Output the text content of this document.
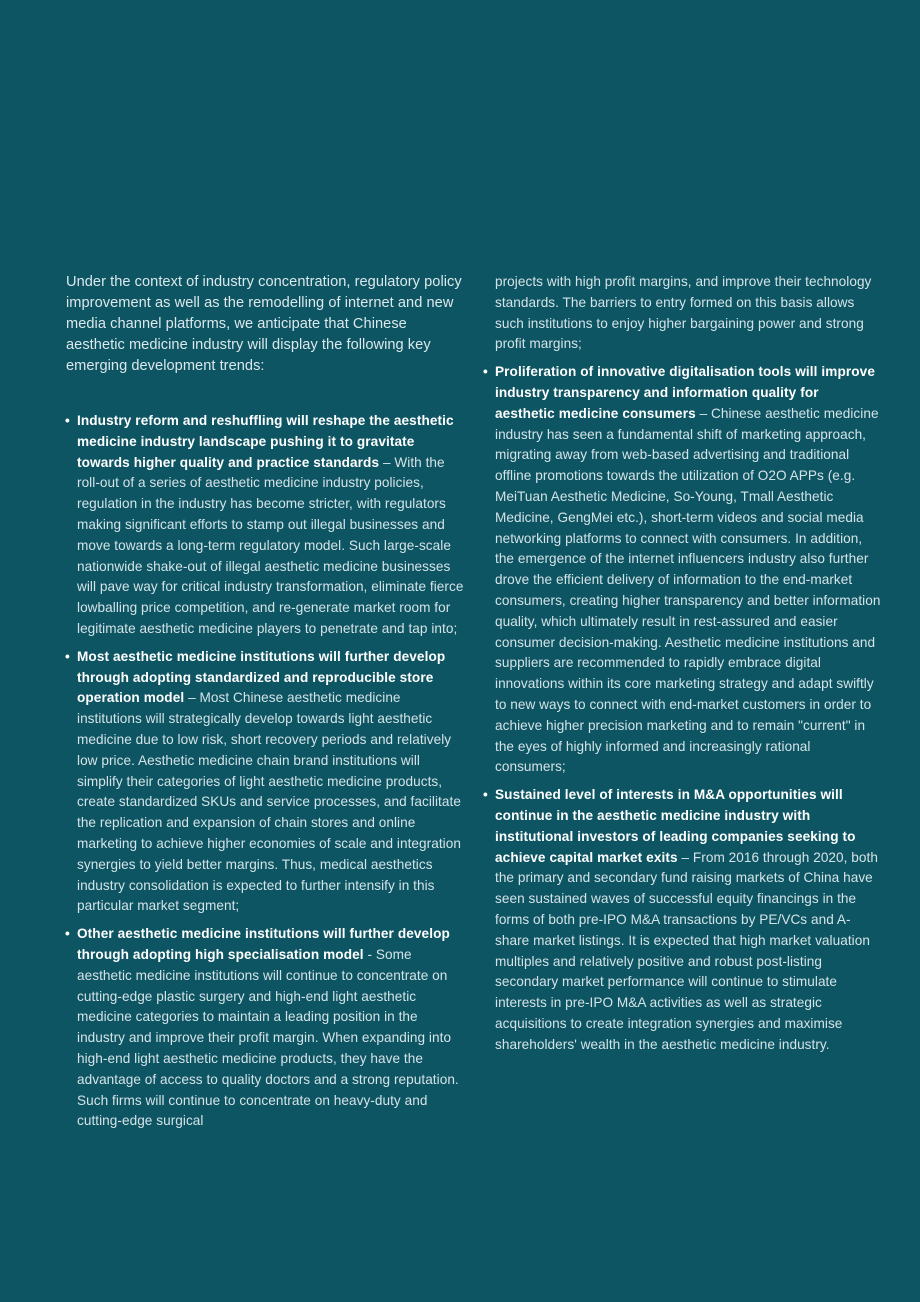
Under the context of industry concentration, regulatory policy improvement as well as the remodelling of internet and new media channel platforms, we anticipate that Chinese aesthetic medicine industry will display the following key emerging development trends:

• Industry reform and reshuffling will reshape the aesthetic medicine industry landscape pushing it to gravitate towards higher quality and practice standards – With the roll-out of a series of aesthetic medicine industry policies, regulation in the industry has become stricter, with regulators making significant efforts to stamp out illegal businesses and move towards a long-term regulatory model. Such large-scale nationwide shake-out of illegal aesthetic medicine businesses will pave way for critical industry transformation, eliminate fierce lowballing price competition, and re-generate market room for legitimate aesthetic medicine players to penetrate and tap into;
• Most aesthetic medicine institutions will further develop through adopting standardized and reproducible store operation model – Most Chinese aesthetic medicine institutions will strategically develop towards light aesthetic medicine due to low risk, short recovery periods and relatively low price. Aesthetic medicine chain brand institutions will simplify their categories of light aesthetic medicine products, create standardized SKUs and service processes, and facilitate the replication and expansion of chain stores and online marketing to achieve higher economies of scale and integration synergies to yield better margins. Thus, medical aesthetics industry consolidation is expected to further intensify in this particular market segment;
• Other aesthetic medicine institutions will further develop through adopting high specialisation model - Some aesthetic medicine institutions will continue to concentrate on cutting-edge plastic surgery and high-end light aesthetic medicine categories to maintain a leading position in the industry and improve their profit margin. When expanding into high-end light aesthetic medicine products, they have the advantage of access to quality doctors and a strong reputation. Such firms will continue to concentrate on heavy-duty and cutting-edge surgical

projects with high profit margins, and improve their technology standards. The barriers to entry formed on this basis allows such institutions to enjoy higher bargaining power and strong profit margins;

• Proliferation of innovative digitalisation tools will improve industry transparency and information quality for aesthetic medicine consumers – Chinese aesthetic medicine industry has seen a fundamental shift of marketing approach, migrating away from web-based advertising and traditional offline promotions towards the utilization of O2O APPs (e.g. MeiTuan Aesthetic Medicine, So-Young, Tmall Aesthetic Medicine, GengMei etc.), short-term videos and social media networking platforms to connect with consumers. In addition, the emergence of the internet influencers industry also further drove the efficient delivery of information to the end-market consumers, creating higher transparency and better information quality, which ultimately result in rest-assured and easier consumer decision-making. Aesthetic medicine institutions and suppliers are recommended to rapidly embrace digital innovations within its core marketing strategy and adapt swiftly to new ways to connect with end-market customers in order to achieve higher precision marketing and to remain "current" in the eyes of highly informed and increasingly rational consumers;
• Sustained level of interests in M&A opportunities will continue in the aesthetic medicine industry with institutional investors of leading companies seeking to achieve capital market exits – From 2016 through 2020, both the primary and secondary fund raising markets of China have seen sustained waves of successful equity financings in the forms of both pre-IPO M&A transactions by PE/VCs and A-share market listings. It is expected that high market valuation multiples and relatively positive and robust post-listing secondary market performance will continue to stimulate interests in pre-IPO M&A activities as well as strategic acquisitions to create integration synergies and maximise shareholders' wealth in the aesthetic medicine industry.
